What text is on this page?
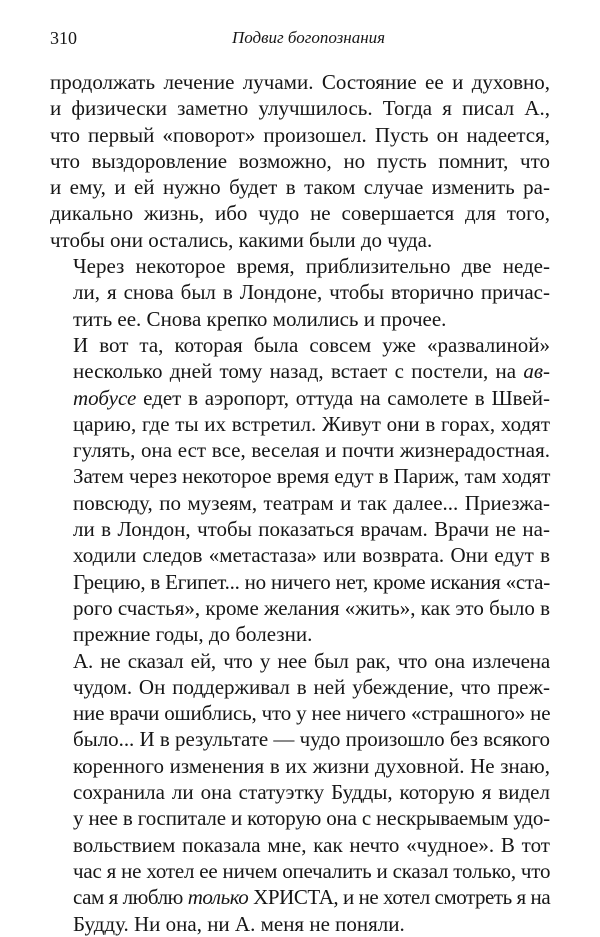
310	Подвиг богопознания

продолжать лечение лучами. Состояние ее и духовно,
и физически заметно улучшилось. Тогда я писал А.,
что первый «поворот» произошел. Пусть он надеется,
что выздоровление возможно, но пусть помнит, что
и ему, и ей нужно будет в таком случае изменить ра-
дикально жизнь, ибо чудо не совершается для того,
чтобы они остались, какими были до чуда.

Через некоторое время, приблизительно две неде-
ли, я снова был в Лондоне, чтобы вторично причас-
тить ее. Снова крепко молились и прочее.

И вот та, которая была совсем уже «развалиной»
несколько дней тому назад, встает с постели, на ав-
тобусе едет в аэропорт, оттуда на самолете в Швей-
царию, где ты их встретил. Живут они в горах, ходят
гулять, она ест все, веселая и почти жизнерадостная.
Затем через некоторое время едут в Париж, там ходят
повсюду, по музеям, театрам и так далее... Приезжа-
ли в Лондон, чтобы показаться врачам. Врачи не на-
ходили следов «метастаза» или возврата. Они едут в
Грецию, в Египет... но ничего нет, кроме искания «ста-
рого счастья», кроме желания «жить», как это было в
прежние годы, до болезни.

А. не сказал ей, что у нее был рак, что она излечена
чудом. Он поддерживал в ней убеждение, что преж-
ние врачи ошиблись, что у нее ничего «страшного» не
было... И в результате — чудо произошло без всякого
коренного изменения в их жизни духовной. Не знаю,
сохранила ли она статуэтку Будды, которую я видел
у нее в госпитале и которую она с нескрываемым удо-
вольствием показала мне, как нечто «чудное». В тот
час я не хотел ее ничем опечалить и сказал только, что
сам я люблю только ХРИСТА, и не хотел смотреть я на
Будду. Ни она, ни А. меня не поняли.
